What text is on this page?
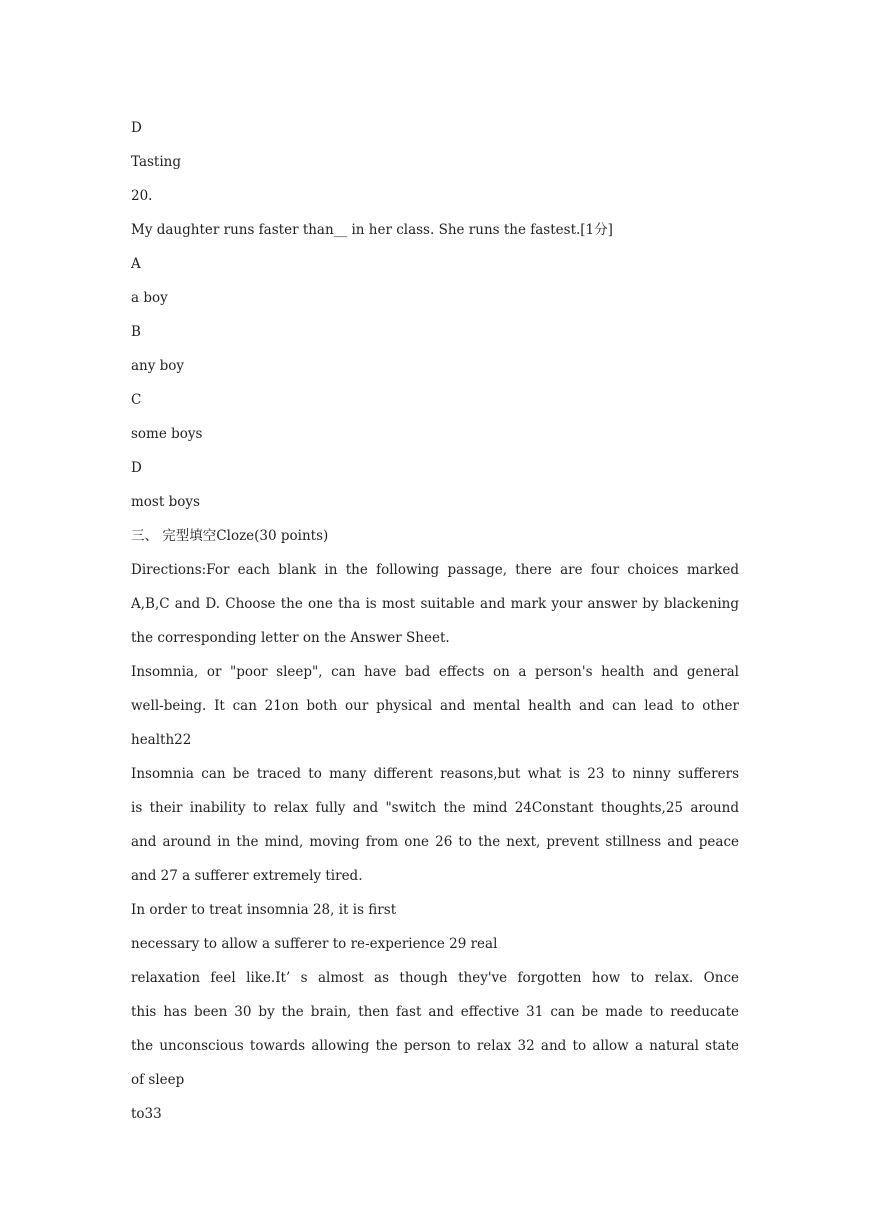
D
Tasting
20.
My daughter runs faster than__ in her class. She runs the fastest.[1分]
A
a boy
B
any boy
C
some boys
D
most boys
三、 完型填空Cloze(30 points)
Directions:For each blank in the following passage, there are four choices marked
A,B,C and D. Choose the one tha is most suitable and mark your answer by blackening
the corresponding letter on the Answer Sheet.
Insomnia, or "poor sleep", can have bad effects on a person's health and general
well-being. It can 21on both our physical and mental health and can lead to other
health22
Insomnia can be traced to many different reasons,but what is 23 to ninny sufferers
is their inability to relax fully and "switch the mind 24Constant thoughts,25 around
and around in the mind, moving from one 26 to the next, prevent stillness and peace
and 27 a sufferer extremely tired.
In order to treat insomnia 28, it is first
necessary to allow a sufferer to re-experience 29 real
relaxation feel like.It’ s almost as though they've forgotten how to relax. Once
this has been 30 by the brain, then fast and effective 31 can be made to reeducate
the unconscious towards allowing the person to relax 32 and to allow a natural state
of sleep
to33
